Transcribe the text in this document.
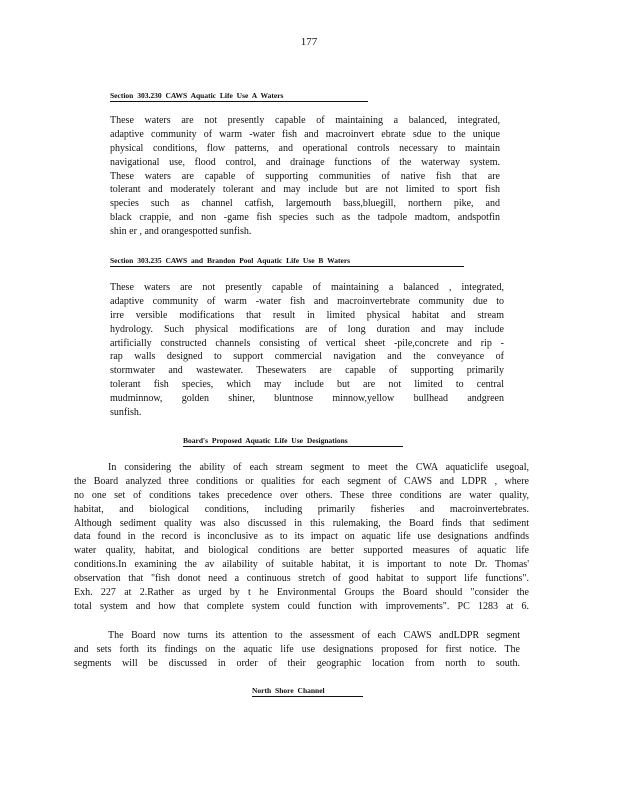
177
Section 303.230 CAWS Aquatic Life Use A Waters
These waters are not presently capable of maintaining a balanced, integrated,
adaptive community of warm -water fish and macroinvert ebrate sdue to the unique
physical conditions, flow patterns, and operational controls necessary to maintain
navigational use, flood control, and drainage functions of the waterway system.
These waters are capable of supporting communities of native fish that are
tolerant and moderately tolerant and may include but are not limited to sport fish
species such as channel catfish, largemouth bass,bluegill, northern pike, and
black crappie, and non -game fish species such as the tadpole madtom, andspotfin
shin er , and orangespotted sunfish.
Section 303.235 CAWS and Brandon Pool Aquatic Life Use B Waters
These waters are not presently capable of maintaining a balanced , integrated,
adaptive community of warm -water fish and macroinvertebrate community due to
irre versible modifications that result in limited physical habitat and stream
hydrology. Such physical modifications are of long duration and may include
artificially constructed channels consisting of vertical sheet -pile,concrete and rip -
rap walls designed to support commercial navigation and the conveyance of
stormwater and wastewater. Thesewaters are capable of supporting primarily
tolerant fish species, which may include but are not limited to central
mudminnow, golden shiner, bluntnose minnow,yellow bullhead andgreen
sunfish.
Board's Proposed Aquatic Life Use Designations
In considering the ability of each stream segment to meet the CWA aquaticlife usegoal,
the Board analyzed three conditions or qualities for each segment of CAWS and LDPR , where
no one set of conditions takes precedence over others. These three conditions are water quality,
habitat, and biological conditions, including primarily fisheries and macroinvertebrates.
Although sediment quality was also discussed in this rulemaking, the Board finds that sediment
data found in the record is inconclusive as to its impact on aquatic life use designations andfinds
water quality, habitat, and biological conditions are better supported measures of aquatic life
conditions.In examining the av ailability of suitable habitat, it is important to note Dr. Thomas'
observation that "fish donot need a continuous stretch of good habitat to support life functions".
Exh. 227 at 2.Rather as urged by t he Environmental Groups the Board should "consider the
total system and how that complete system could function with improvements". PC 1283 at 6.
The Board now turns its attention to the assessment of each CAWS andLDPR segment
and sets forth its findings on the aquatic life use designations proposed for first notice. The
segments will be discussed in order of their geographic location from north to south.
North Shore Channel
